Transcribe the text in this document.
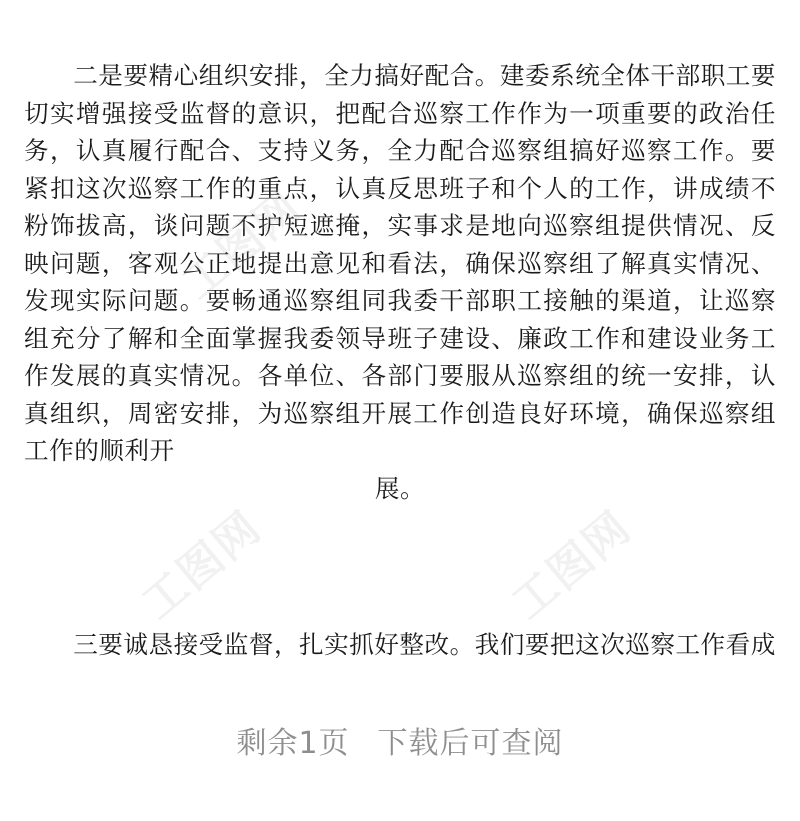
二是要精心组织安排，全力搞好配合。建委系统全体干部职工要切实增强接受监督的意识，把配合巡察工作作为一项重要的政治任务，认真履行配合、支持义务，全力配合巡察组搞好巡察工作。要紧扣这次巡察工作的重点，认真反思班子和个人的工作，讲成绩不粉饰拔高，谈问题不护短遮掩，实事求是地向巡察组提供情况、反映问题，客观公正地提出意见和看法，确保巡察组了解真实情况、发现实际问题。要畅通巡察组同我委干部职工接触的渠道，让巡察组充分了解和全面掌握我委领导班子建设、廉政工作和建设业务工作发展的真实情况。各单位、各部门要服从巡察组的统一安排，认真组织，周密安排，为巡察组开展工作创造良好环境，确保巡察组工作的顺利开
展。

三要诚恳接受监督，扎实抓好整改。我们要把这次巡察工作看成

工图网	工图网
工图网
剩余1页 下载后可查阅
